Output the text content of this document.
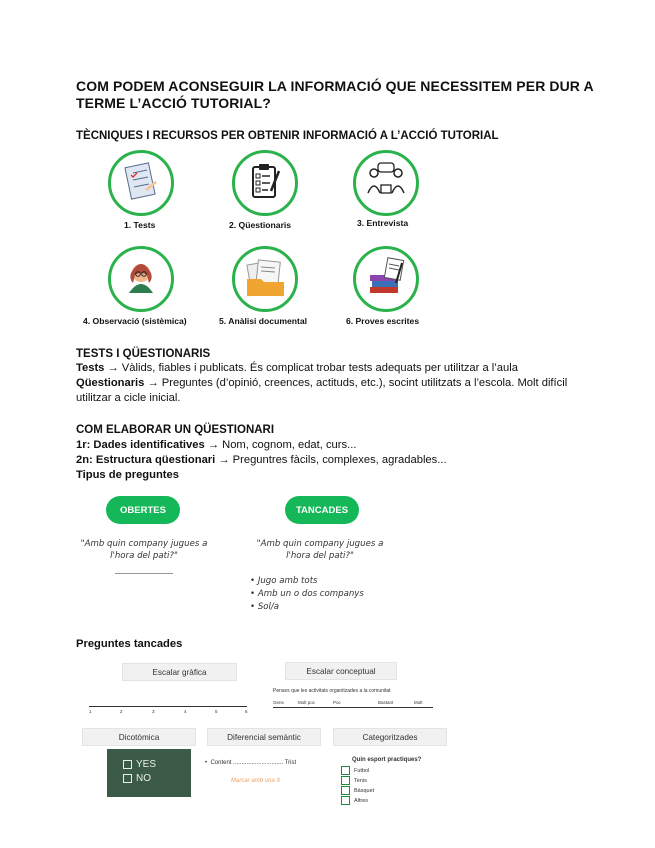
COM PODEM ACONSEGUIR LA INFORMACIÓ QUE NECESSITEM PER DUR A TERME L’ACCIÓ TUTORIAL?
TÈCNIQUES I RECURSOS PER OBTENIR INFORMACIÓ A L’ACCIÓ TUTORIAL
1. Tests	2. Qüestionaris	3. Entrevista
4. Observació (sistèmica)	5. Anàlisi documental	6. Proves escrites
TESTS I QÜESTIONARIS
Tests → Vàlids, fiables i publicats. És complicat trobar tests adequats per utilitzar a l’aula
Qüestionaris → Preguntes (d’opinió, creences, actituds, etc.), socint utilitzats a l’escola. Molt difícil utilitzar a cicle inicial.
COM ELABORAR UN QÜESTIONARI
1r: Dades identificatives → Nom, cognom, edat, curs...
2n: Estructura qüestionari → Preguntres fàcils, complexes, agradables...
Tipus de preguntes
OBERTES	TANCADES
"Amb quin company jugues a l'hora del pati?"
"Amb quin company jugues a l'hora del pati?"
• Jugo amb tots
• Amb un o dos companys
• Sol/a
Preguntes tancades
Escalar gràfica	Escalar conceptual
1	2	3	4	5	6
Penses que les activitats organitzades a la comunitat
Gens	Molt poc	Poc	Bastant	Molt
Dicotòmica	Diferencial semàntic	Categoritzades
YES
NO
•  Content .............................. Trist
Marcar amb una X
Quin esport practiques?
Futbol
Tenis
Bàsquet
Altres
